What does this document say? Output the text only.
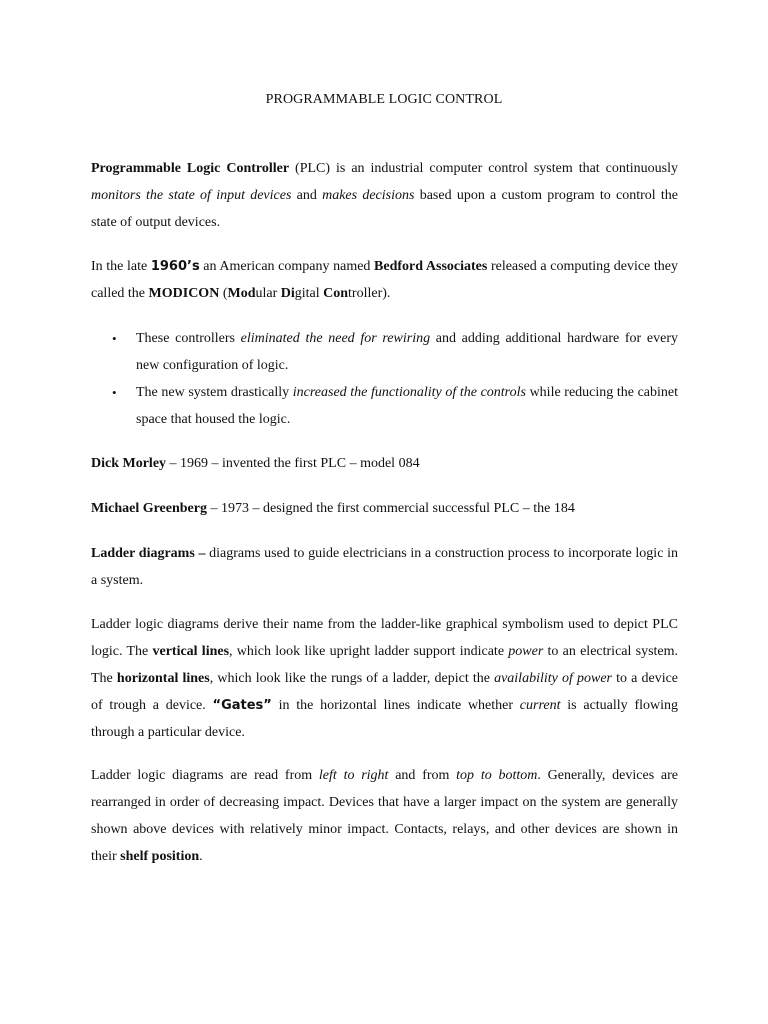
PROGRAMMABLE LOGIC CONTROL

Programmable Logic Controller (PLC) is an industrial computer control system that continuously monitors the state of input devices and makes decisions based upon a custom program to control the state of output devices.

In the late 1960’s an American company named Bedford Associates released a computing device they called the MODICON (Modular Digital Controller).

• These controllers eliminated the need for rewiring and adding additional hardware for every new configuration of logic.

• The new system drastically increased the functionality of the controls while reducing the cabinet space that housed the logic.

Dick Morley – 1969 – invented the first PLC – model 084

Michael Greenberg – 1973 – designed the first commercial successful PLC – the 184

Ladder diagrams – diagrams used to guide electricians in a construction process to incorporate logic in a system.

Ladder logic diagrams derive their name from the ladder-like graphical symbolism used to depict PLC logic. The vertical lines, which look like upright ladder support indicate power to an electrical system. The horizontal lines, which look like the rungs of a ladder, depict the availability of power to a device of trough a device. “Gates” in the horizontal lines indicate whether current is actually flowing through a particular device.

Ladder logic diagrams are read from left to right and from top to bottom. Generally, devices are rearranged in order of decreasing impact. Devices that have a larger impact on the system are generally shown above devices with relatively minor impact. Contacts, relays, and other devices are shown in their shelf position.
